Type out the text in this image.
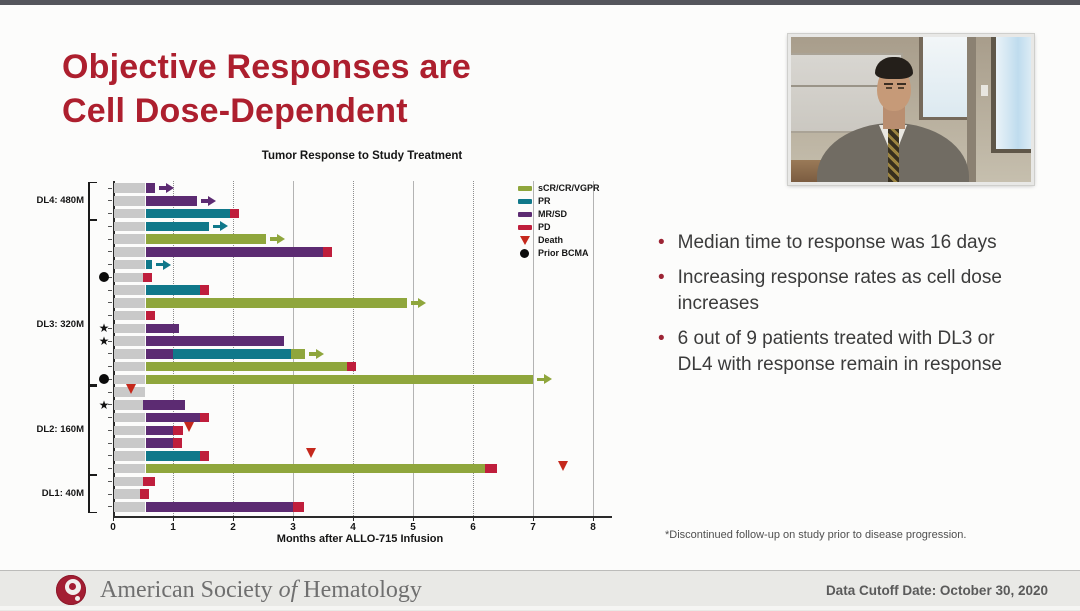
Objective Responses are
Cell Dose-Dependent
Tumor Response to Study Treatment
0	1	2	3	4	5	6	7	8
DL4: 480M
★
★
DL3: 320M
★
DL2: 160M
DL1: 40M
sCR/CR/VGPR
PR
MR/SD
PD
Death
Prior BCMA
Months after ALLO-715 Infusion
• Median time to response was 16 days
• Increasing response rates as cell dose
increases
• 6 out of 9 patients treated with DL3 or
DL4 with response remain in response
*Discontinued follow-up on study prior to disease progression.
American Society of Hematology	Data Cutoff Date: October 30, 2020
